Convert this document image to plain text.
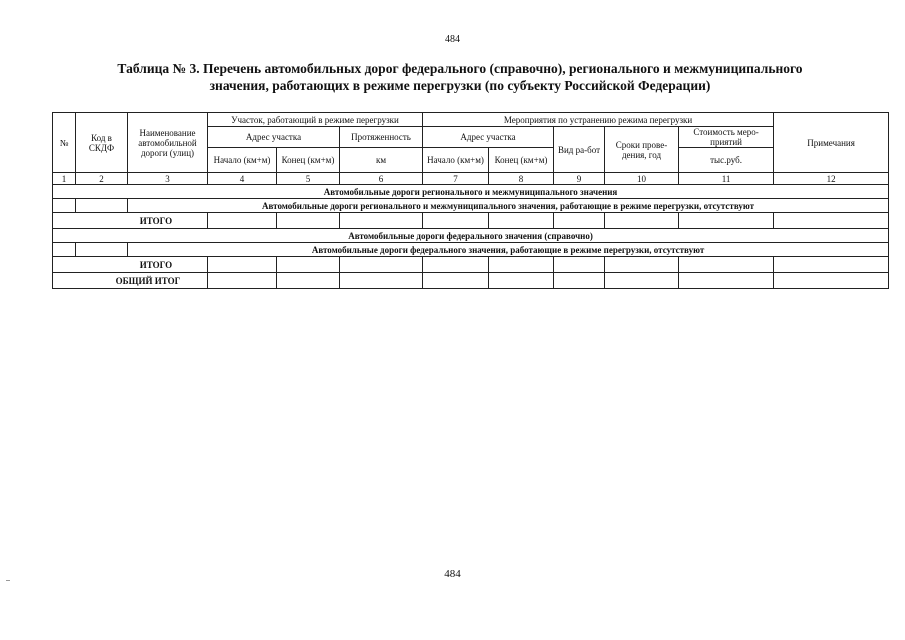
484
Таблица № 3. Перечень автомобильных дорог федерального (справочно), регионального и межмуниципального
значения, работающих в режиме перегрузки (по субъекту Российской Федерации)
№	Код в СКДФ	Наименование автомобильной дороги (улиц)	Участок, работающий в режиме перегрузки			Мероприятия по устранению режима перегрузки					Примечания
			Адрес участка		Протяженность	Адрес участка		Вид ра-бот	Сроки прове-дения, год	Стоимость меро-приятий	
			Начало (км+м)	Конец (км+м)	км	Начало (км+м)	Конец (км+м)			тыс.руб.	
1	2	3	4	5	6	7	8	9	10	11	12
Автомобильные дороги регионального и межмуниципального значения											
		Автомобильные дороги регионального и межмуниципального значения, работающие в режиме перегрузки, отсутствуют									
ИТОГО											
Автомобильные дороги федерального значения (справочно)											
		Автомобильные дороги федерального значения, работающие в режиме перегрузки, отсутствуют									
ИТОГО											
ОБЩИЙ ИТОГ											
484
